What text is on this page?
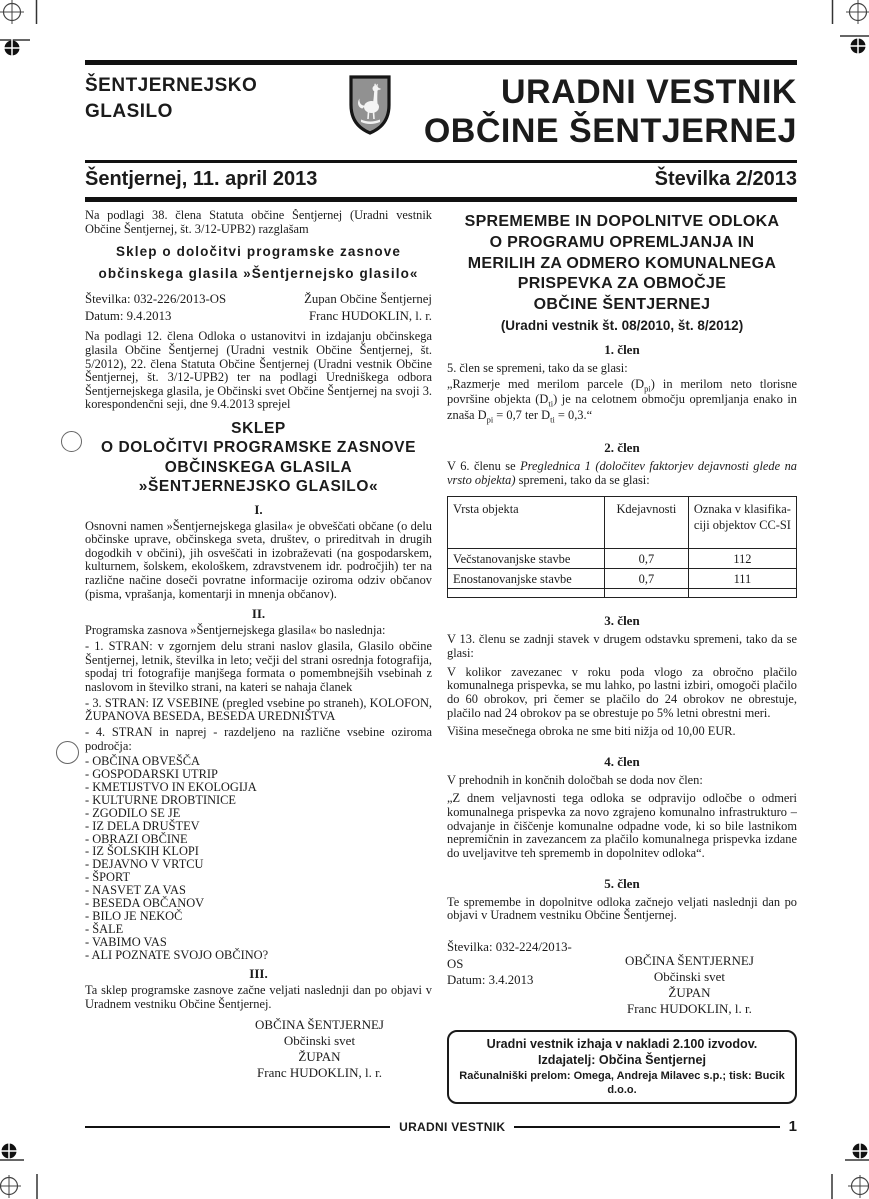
ŠENTJERNEJSKO
GLASILO
URADNI VESTNIK
OBČINE ŠENTJERNEJ
Šentjernej, 11. april 2013	Številka 2/2013

Na podlagi 38. člena Statuta občine Šentjernej (Uradni vestnik Občine Šentjernej, št. 3/12-UPB2) razglašam

Sklep o določitvi programske zasnove
občinskega glasila »Šentjernejsko glasilo«
Številka: 032-226/2013-OS	Župan Občine Šentjernej
Datum: 9.4.2013	Franc HUDOKLIN, l. r.

Na podlagi 12. člena Odloka o ustanovitvi in izdajanju občinskega glasila Občine Šentjernej (Uradni vestnik Občine Šentjernej, št. 5/2012), 22. člena Statuta Občine Šentjernej (Uradni vestnik Občine Šentjernej, št. 3/12-UPB2) ter na podlagi Uredniškega odbora Šentjernejskega glasila, je Občinski svet Občine Šentjernej na svoji 3. korespondenčni seji, dne 9.4.2013 sprejel

SKLEP
O DOLOČITVI PROGRAMSKE ZASNOVE
OBČINSKEGA GLASILA
»ŠENTJERNEJSKO GLASILO«
I.

Osnovni namen »Šentjernejskega glasila« je obveščati občane (o delu občinske uprave, občinskega sveta, društev, o prireditvah in drugih dogodkih v občini), jih osveščati in izobraževati (na gospodarskem, kulturnem, šolskem, ekološkem, zdravstvenem idr. področjih) ter na različne načine doseči povratne informacije oziroma odziv občanov (pisma, vprašanja, komentarji in mnenja občanov).

II.

Programska zasnova »Šentjernejskega glasila« bo naslednja:

- 1. STRAN: v zgornjem delu strani naslov glasila, Glasilo občine Šentjernej, letnik, številka in leto; večji del strani osrednja fotografija, spodaj tri fotografije manjšega formata o pomembnejših vsebinah z naslovom in številko strani, na kateri se nahaja članek

- 3. STRAN: IZ VSEBINE (pregled vsebine po straneh), KOLOFON, ŽUPANOVA BESEDA, BESEDA UREDNIŠTVA

- 4. STRAN in naprej - razdeljeno na različne vsebine oziroma področja:

- OBČINA OBVEŠČA

- GOSPODARSKI UTRIP

- KMETIJSTVO IN EKOLOGIJA

- KULTURNE DROBTINICE

- ZGODILO SE JE

- IZ DELA DRUŠTEV

- OBRAZI OBČINE

- IZ ŠOLSKIH KLOPI

- DEJAVNO V VRTCU

- ŠPORT

- NASVET ZA VAS

- BESEDA OBČANOV

- BILO JE NEKOČ

- ŠALE

- VABIMO VAS

- ALI POZNATE SVOJO OBČINO?

III.

Ta sklep programske zasnove začne veljati naslednji dan po objavi v Uradnem vestniku Občine Šentjernej.

OBČINA ŠENTJERNEJ
Občinski svet
ŽUPAN
Franc HUDOKLIN, l. r.
SPREMEMBE IN DOPOLNITVE ODLOKA
O PROGRAMU OPREMLJANJA IN
MERILIH ZA ODMERO KOMUNALNEGA
PRISPEVKA ZA OBMOČJE
OBČINE ŠENTJERNEJ
(Uradni vestnik št. 08/2010, št. 8/2012)
1. člen

5. člen se spremeni, tako da se glasi:

„Razmerje med merilom parcele $(D_{pi})$ in merilom neto tlorisne površine objekta $(D_{ti})$ je na celotnem območju opremljanja enako in znaša $D_{pi} = 0,7$ ter $D_{ti}$ = 0,3.“

2. člen

V 6. členu se Preglednica 1 (določitev faktorjev dejavnosti glede na vrsto objekta) spremeni, tako da se glasi:

Vrsta objekta	Kdejavnosti	Oznaka v klasifika-
ciji objektov CC-SI

Večstanovanjske stavbe	0,7	112
Enostanovanjske stavbe	0,7	111

3. člen

V 13. členu se zadnji stavek v drugem odstavku spremeni, tako da se glasi:

V kolikor zavezanec v roku poda vlogo za obročno plačilo komunalnega prispevka, se mu lahko, po lastni izbiri, omogoči plačilo do 60 obrokov, pri čemer se plačilo do 24 obrokov ne obrestuje, plačilo nad 24 obrokov pa se obrestuje po 5% letni obrestni meri.

Višina mesečnega obroka ne sme biti nižja od 10,00 EUR.

4. člen

V prehodnih in končnih določbah se doda nov člen:

„Z dnem veljavnosti tega odloka se odpravijo odločbe o odmeri komunalnega prispevka za novo zgrajeno komunalno infrastrukturo – odvajanje in čiščenje komunalne odpadne vode, ki so bile lastnikom nepremičnin in zavezancem za plačilo komunalnega prispevka izdane do uveljavitve teh sprememb in dopolnitev odloka“.

5. člen

Te spremembe in dopolnitve odloka začnejo veljati naslednji dan po objavi v Uradnem vestniku Občine Šentjernej.

Številka: 032-224/2013-OS
Datum: 3.4.2013
OBČINA ŠENTJERNEJ
Občinski svet
ŽUPAN
Franc HUDOKLIN, l. r.
Uradni vestnik izhaja v nakladi 2.100 izvodov.
Izdajatelj: Občina Šentjernej
Računalniški prelom: Omega, Andreja Milavec s.p.; tisk: Bucik d.o.o.
URADNI VESTNIK	1
